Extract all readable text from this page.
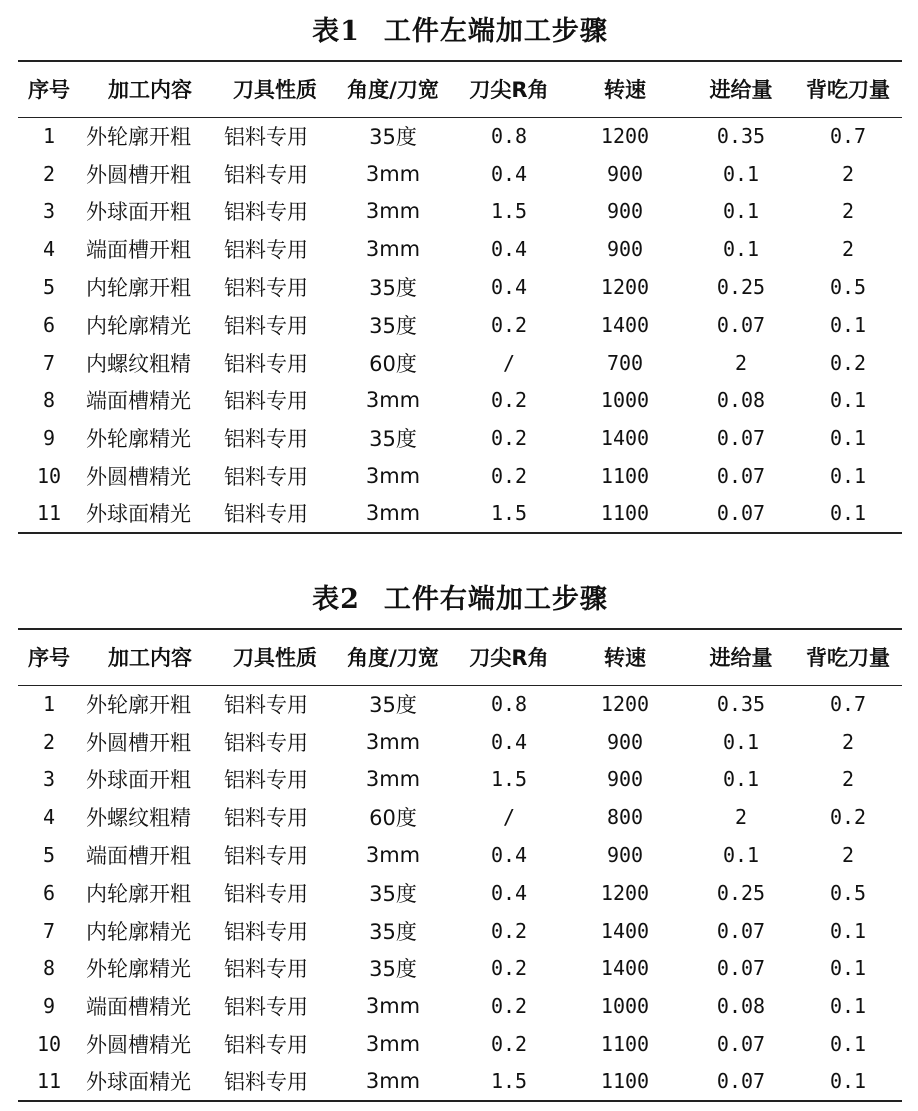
表1 工件左端加工步骤
序号	加工内容	刀具性质	角度/刀宽	刀尖R角	转速	进给量	背吃刀量
1	外轮廓开粗	铝料专用	35度	0.8	1200	0.35	0.7
2	外圆槽开粗	铝料专用	3mm	0.4	900	0.1	2
3	外球面开粗	铝料专用	3mm	1.5	900	0.1	2
4	端面槽开粗	铝料专用	3mm	0.4	900	0.1	2
5	内轮廓开粗	铝料专用	35度	0.4	1200	0.25	0.5
6	内轮廓精光	铝料专用	35度	0.2	1400	0.07	0.1
7	内螺纹粗精	铝料专用	60度	/	700	2	0.2
8	端面槽精光	铝料专用	3mm	0.2	1000	0.08	0.1
9	外轮廓精光	铝料专用	35度	0.2	1400	0.07	0.1
10	外圆槽精光	铝料专用	3mm	0.2	1100	0.07	0.1
11	外球面精光	铝料专用	3mm	1.5	1100	0.07	0.1
表2 工件右端加工步骤
序号	加工内容	刀具性质	角度/刀宽	刀尖R角	转速	进给量	背吃刀量
1	外轮廓开粗	铝料专用	35度	0.8	1200	0.35	0.7
2	外圆槽开粗	铝料专用	3mm	0.4	900	0.1	2
3	外球面开粗	铝料专用	3mm	1.5	900	0.1	2
4	外螺纹粗精	铝料专用	60度	/	800	2	0.2
5	端面槽开粗	铝料专用	3mm	0.4	900	0.1	2
6	内轮廓开粗	铝料专用	35度	0.4	1200	0.25	0.5
7	内轮廓精光	铝料专用	35度	0.2	1400	0.07	0.1
8	外轮廓精光	铝料专用	35度	0.2	1400	0.07	0.1
9	端面槽精光	铝料专用	3mm	0.2	1000	0.08	0.1
10	外圆槽精光	铝料专用	3mm	0.2	1100	0.07	0.1
11	外球面精光	铝料专用	3mm	1.5	1100	0.07	0.1
